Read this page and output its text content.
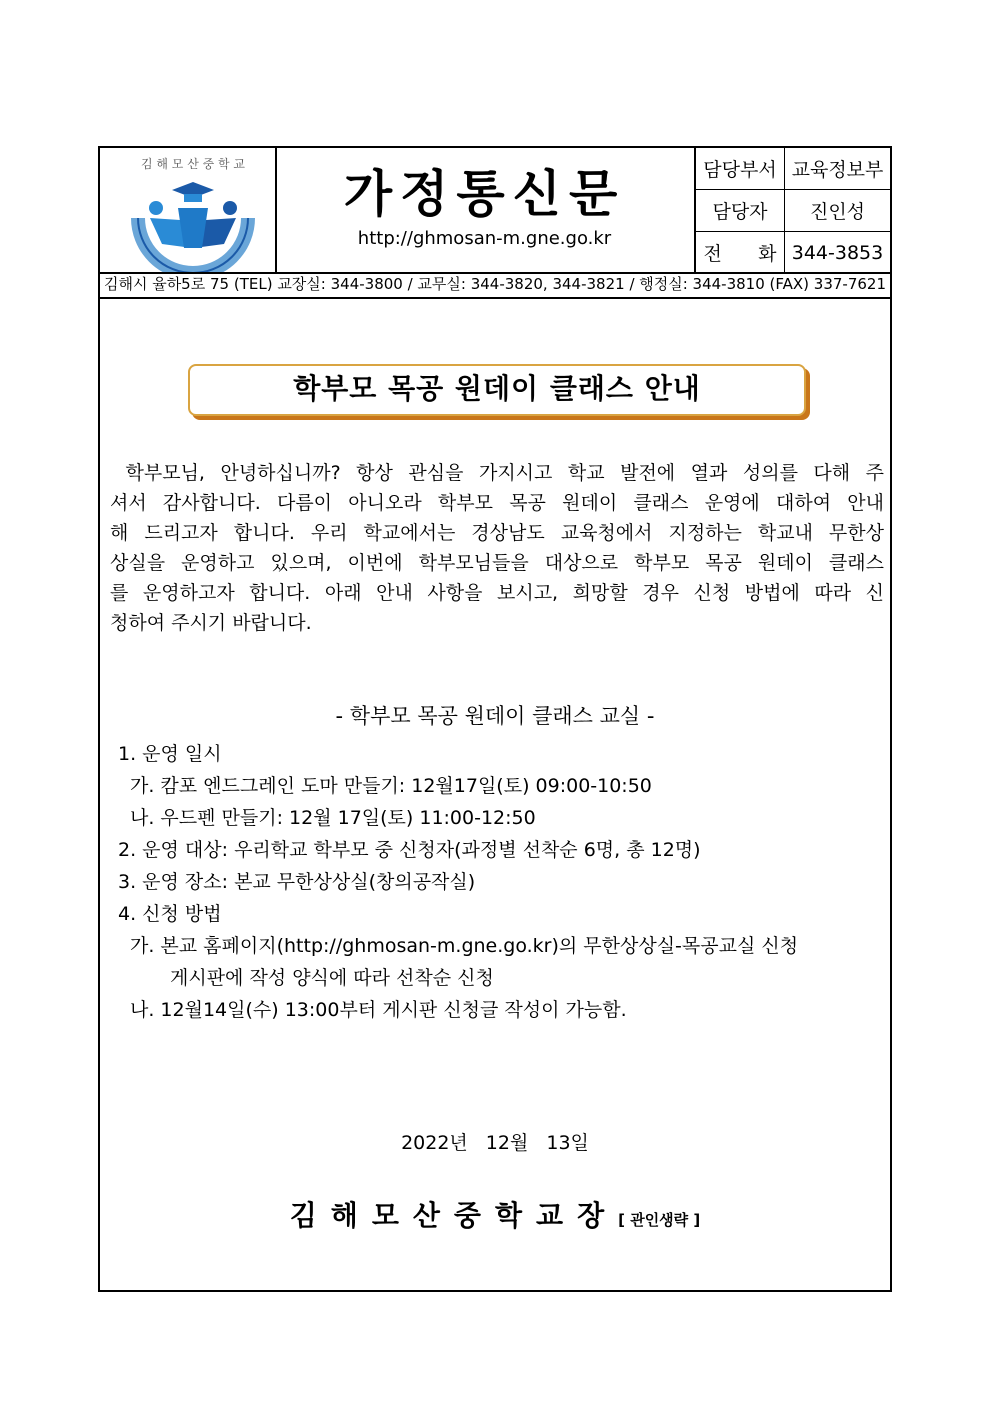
김 해 모 산 중 학 교	가정통신문
http://ghmosan-m.gne.go.kr
담당부서	교육정보부
담당자	진인성
전      화	344-3853
김해시 율하5로 75 (TEL) 교장실: 344-3800 / 교무실: 344-3820, 344-3821 / 행정실: 344-3810 (FAX) 337-7621
학부모 목공 원데이 클래스 안내
학부모님, 안녕하십니까? 항상 관심을 가지시고 학교 발전에 열과 성의를 다해 주
셔서 감사합니다. 다름이 아니오라 학부모 목공 원데이 클래스 운영에 대하여 안내
해 드리고자 합니다. 우리 학교에서는 경상남도 교육청에서 지정하는 학교내 무한상
상실을 운영하고 있으며, 이번에 학부모님들을 대상으로 학부모 목공 원데이 클래스
를 운영하고자 합니다. 아래 안내 사항을 보시고, 희망할 경우 신청 방법에 따라 신
청하여 주시기 바랍니다.
- 학부모 목공 원데이 클래스 교실 -
1. 운영 일시
가. 캄포 엔드그레인 도마 만들기: 12월17일(토) 09:00-10:50
나. 우드펜 만들기: 12월 17일(토) 11:00-12:50
2. 운영 대상: 우리학교 학부모 중 신청자(과정별 선착순 6명, 총 12명)
3. 운영 장소: 본교 무한상상실(창의공작실)
4. 신청 방법
가. 본교 홈페이지(http://ghmosan-m.gne.go.kr)의 무한상상실-목공교실 신청
게시판에 작성 양식에 따라 선착순 신청
나. 12월14일(수) 13:00부터 게시판 신청글 작성이 가능함.
2022년 12월 13일
김해모산중학교장[ 관인생략 ]
